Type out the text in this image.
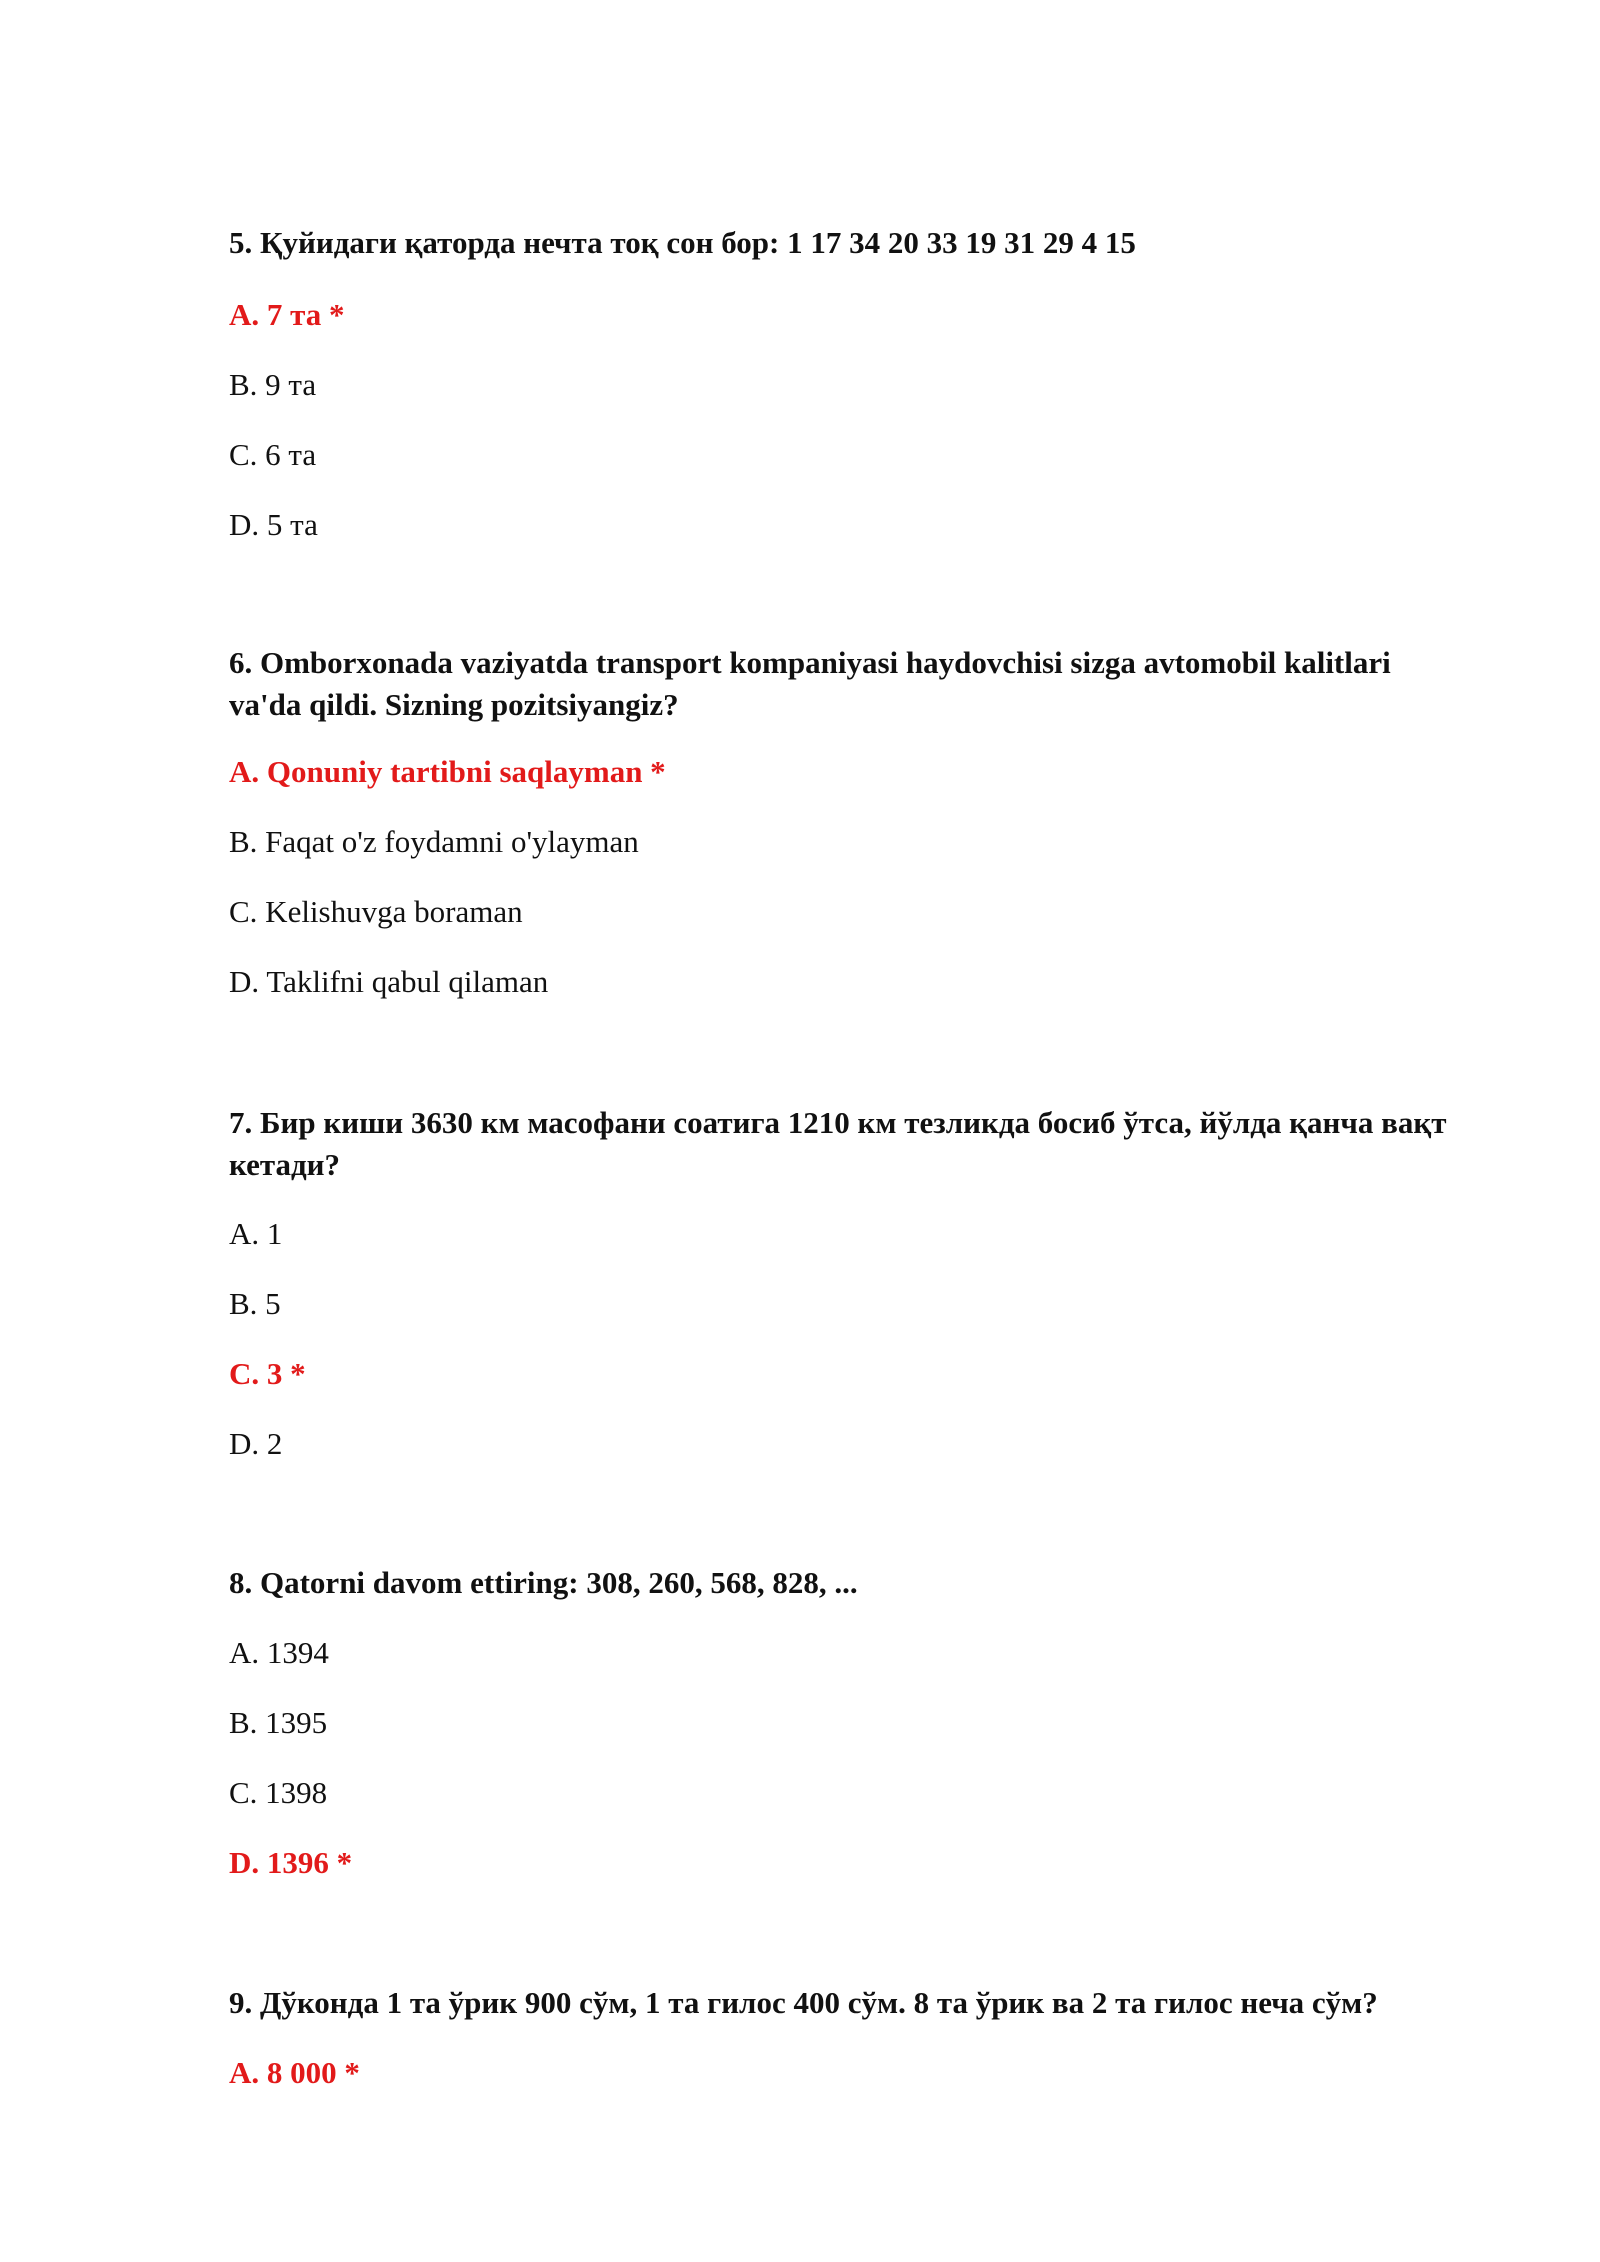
5. Қуйидаги қаторда нечта тоқ сон бор: 1 17 34 20 33 19 31 29 4 15

A. 7 та *

B. 9 та

C. 6 та

D. 5 та

6. Omborxonada vaziyatda transport kompaniyasi haydovchisi sizga avtomobil kalitlari va'da qildi. Sizning pozitsiyangiz?

A. Qonuniy tartibni saqlayman *

B. Faqat o'z foydamni o'ylayman

C. Kelishuvga boraman

D. Taklifni qabul qilaman

7. Бир киши 3630 км масофани соатига 1210 км тезликда босиб ўтса, йўлда қанча вақт кетади?

A. 1

B. 5

C. 3 *

D. 2

8. Qatorni davom ettiring: 308, 260, 568, 828, ...

A. 1394

B. 1395

C. 1398

D. 1396 *

9. Дўконда 1 та ўрик 900 сўм, 1 та гилос 400 сўм. 8 та ўрик ва 2 та гилос неча сўм?

A. 8 000 *
